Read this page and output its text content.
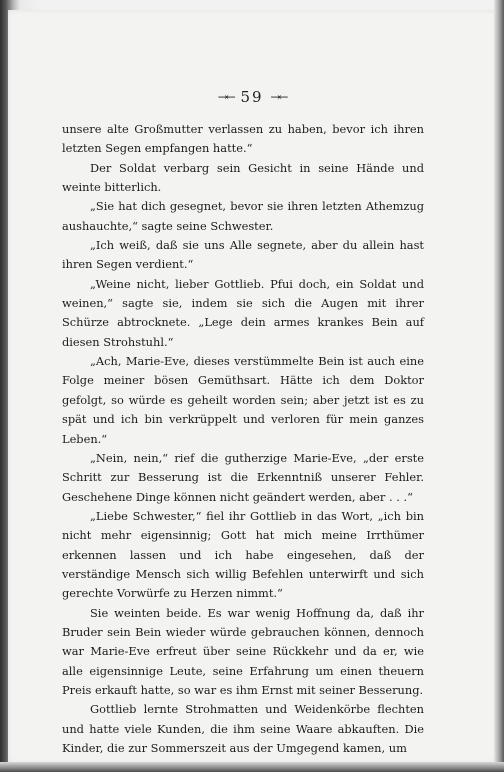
→← 59 →←

unsere alte Großmutter verlassen zu haben, bevor ich ihren letzten Segen empfangen hatte.“

Der Soldat verbarg sein Gesicht in seine Hände und weinte bitterlich.

„Sie hat dich gesegnet, bevor sie ihren letzten Athemzug aushauchte,“ sagte seine Schwester.

„Ich weiß, daß sie uns Alle segnete, aber du allein hast ihren Segen verdient.“

„Weine nicht, lieber Gottlieb. Pfui doch, ein Soldat und weinen,“ sagte sie, indem sie sich die Augen mit ihrer Schürze abtrocknete. „Lege dein armes krankes Bein auf diesen Strohstuhl.“

„Ach, Marie-Eve, dieses verstümmelte Bein ist auch eine Folge meiner bösen Gemüthsart. Hätte ich dem Doktor gefolgt, so würde es geheilt worden sein; aber jetzt ist es zu spät und ich bin verkrüppelt und verloren für mein ganzes Leben.“

„Nein, nein,“ rief die gutherzige Marie-Eve, „der erste Schritt zur Besserung ist die Erkenntniß unserer Fehler. Geschehene Dinge können nicht geändert werden, aber . . .“

„Liebe Schwester,“ fiel ihr Gottlieb in das Wort, „ich bin nicht mehr eigensinnig; Gott hat mich meine Irrthümer erkennen lassen und ich habe eingesehen, daß der verständige Mensch sich willig Befehlen unterwirft und sich gerechte Vorwürfe zu Herzen nimmt.“

Sie weinten beide. Es war wenig Hoffnung da, daß ihr Bruder sein Bein wieder würde gebrauchen können, dennoch war Marie-Eve erfreut über seine Rückkehr und da er, wie alle eigensinnige Leute, seine Erfahrung um einen theuern Preis erkauft hatte, so war es ihm Ernst mit seiner Besserung.

Gottlieb lernte Strohmatten und Weidenkörbe flechten und hatte viele Kunden, die ihm seine Waare abkauften. Die Kinder, die zur Sommerszeit aus der Umgegend kamen, um
